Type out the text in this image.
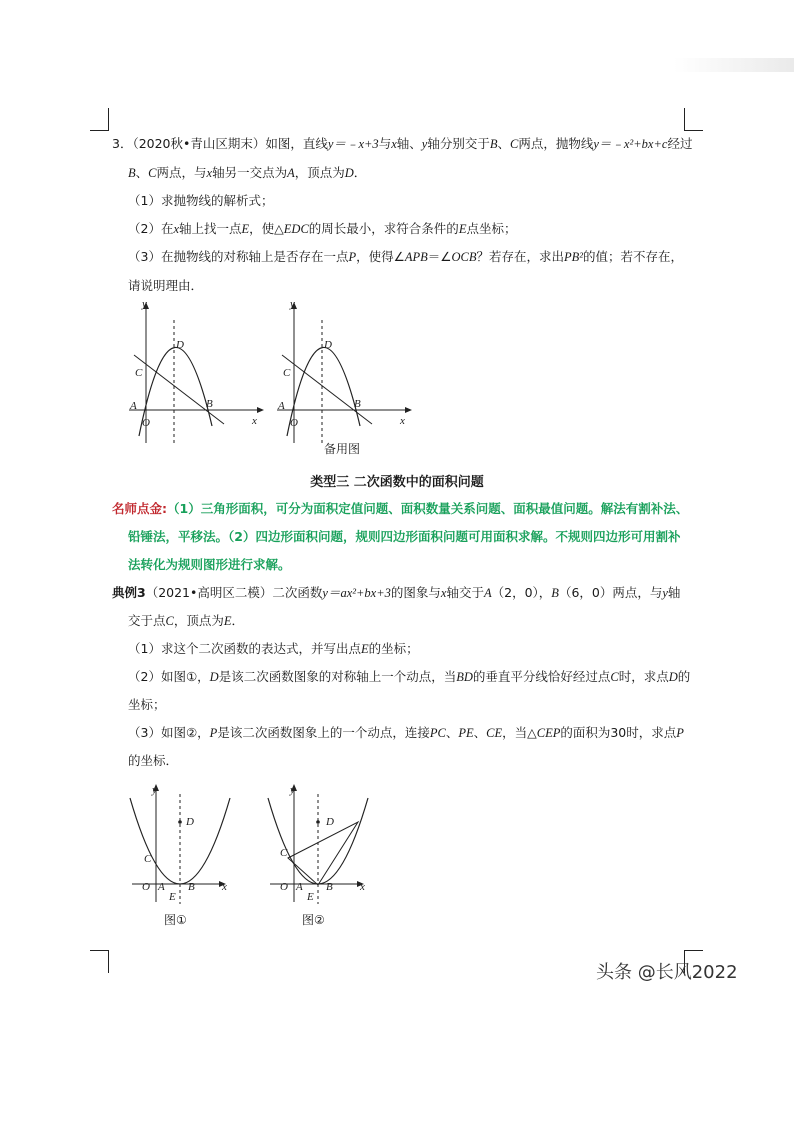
3．（2020秋•青山区期末）如图，直线y＝﹣x+3与x轴、y轴分别交于B、C两点，抛物线y＝﹣x²+bx+c经过
B、C两点，与x轴另一交点为A，顶点为D．
（1）求抛物线的解析式；
（2）在x轴上找一点E，使△EDC的周长最小，求符合条件的E点坐标；
（3）在抛物线的对称轴上是否存在一点P，使得∠APB＝∠OCB？若存在，求出PB²的值；若不存在，
请说明理由．
y
x
O
A	B
C
D
y
x
O
A	B
C
D
备用图
类型三 二次函数中的面积问题
名师点金:（1）三角形面积，可分为面积定值问题、面积数量关系问题、面积最值问题。解法有割补法、
铅锤法，平移法。（2）四边形面积问题，规则四边形面积问题可用面积求解。不规则四边形可用割补
法转化为规则图形进行求解。
典例3（2021•高明区二模）二次函数y＝ax²+bx+3的图象与x轴交于A（2，0），B（6，0）两点，与y轴
交于点C，顶点为E．
（1）求这个二次函数的表达式，并写出点E的坐标；
（2）如图①，D是该二次函数图象的对称轴上一个动点，当BD的垂直平分线恰好经过点C时，求点D的
坐标；
（3）如图②，P是该二次函数图象上的一个动点，连接PC、PE、CE，当△CEP的面积为30时，求点P
的坐标．
y
x
O A B
C
D
E
图①
y
x
O A B
C
D
E
图②
头条 @长风2022
